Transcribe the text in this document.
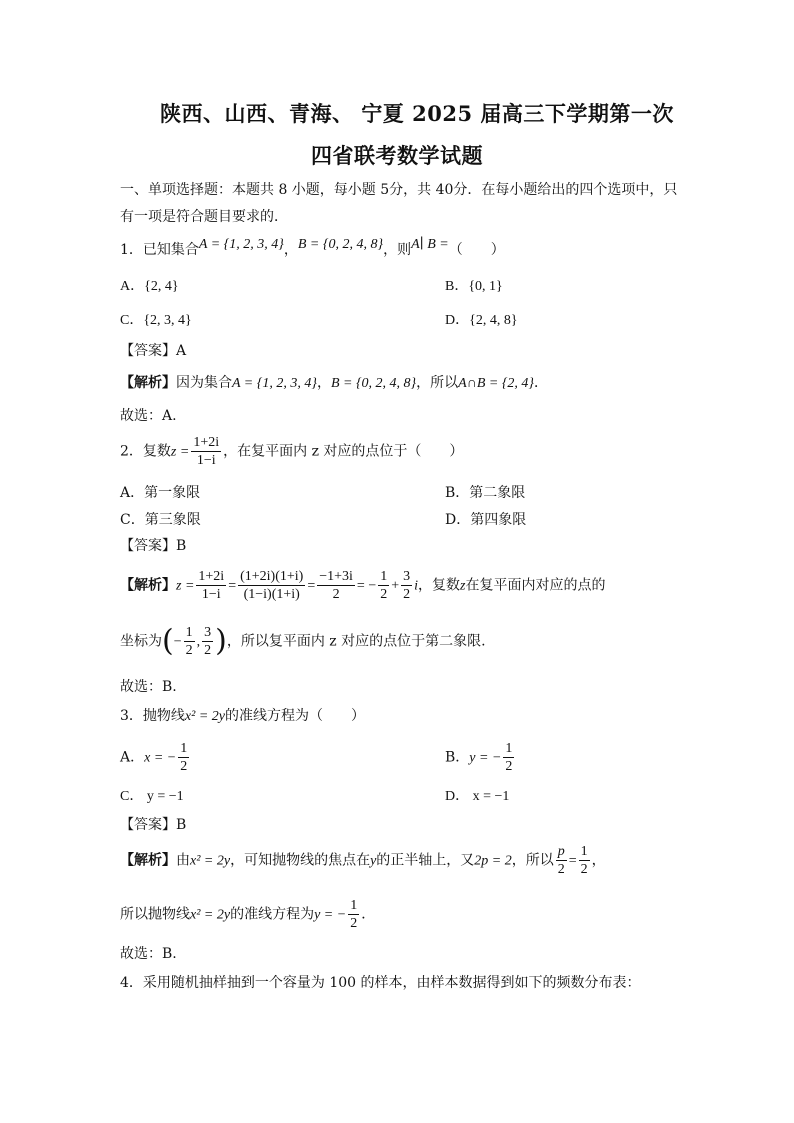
陕西、山西、青海、 宁夏 2025 届高三下学期第一次
四省联考数学试题
一、单项选择题：本题共 8 小题，每小题 5分，共 40分．在每小题给出的四个选项中，只
有一项是符合题目要求的．
1．已知集合A = {1, 2, 3, 4}，B = {0, 2, 4, 8}，则A∣ B =（　　）
A．{2, 4}	B．{0, 1}
C．{2, 3, 4}	D．{2, 4, 8}
【答案】A
【解析】因为集合A = {1, 2, 3, 4}，B = {0, 2, 4, 8}，所以A∩B = {2, 4}．
故选：A.
2．复数$z = \frac{1+2i}{1-i}$ ，在复平面内 z 对应的点位于（　　）
A．第一象限	B．第二象限
C．第三象限	D．第四象限
【答案】B
【解析】$z = \frac{1+2i}{1-i} = \frac{(1+2i)(1+i)}{(1-i)(1+i)} = \frac{-1+3i}{2}$ = − $\frac{1}{2} + \frac{3}{2}$ i，复数z在复平面内对应的点的
坐标为(− $\frac{1}{2}$ , $\frac{3}{2}$ )，所以复平面内 z 对应的点位于第二象限.
故选：B.
3．抛物线x² = 2y的准线方程为（　　）
A．x = − $\frac{1}{2}$	B．y = − $\frac{1}{2}$
C． y = −1	D． x = −1
【答案】B
【解析】由x² = 2y，可知抛物线的焦点在y的正半轴上，又2p = 2，所以 $\frac{p}{2} = \frac{1}{2}$ ，
所以抛物线x² = 2y的准线方程为y = − $\frac{1}{2}$ ．
故选：B.
4．采用随机抽样抽到一个容量为 100 的样本，由样本数据得到如下的频数分布表：
